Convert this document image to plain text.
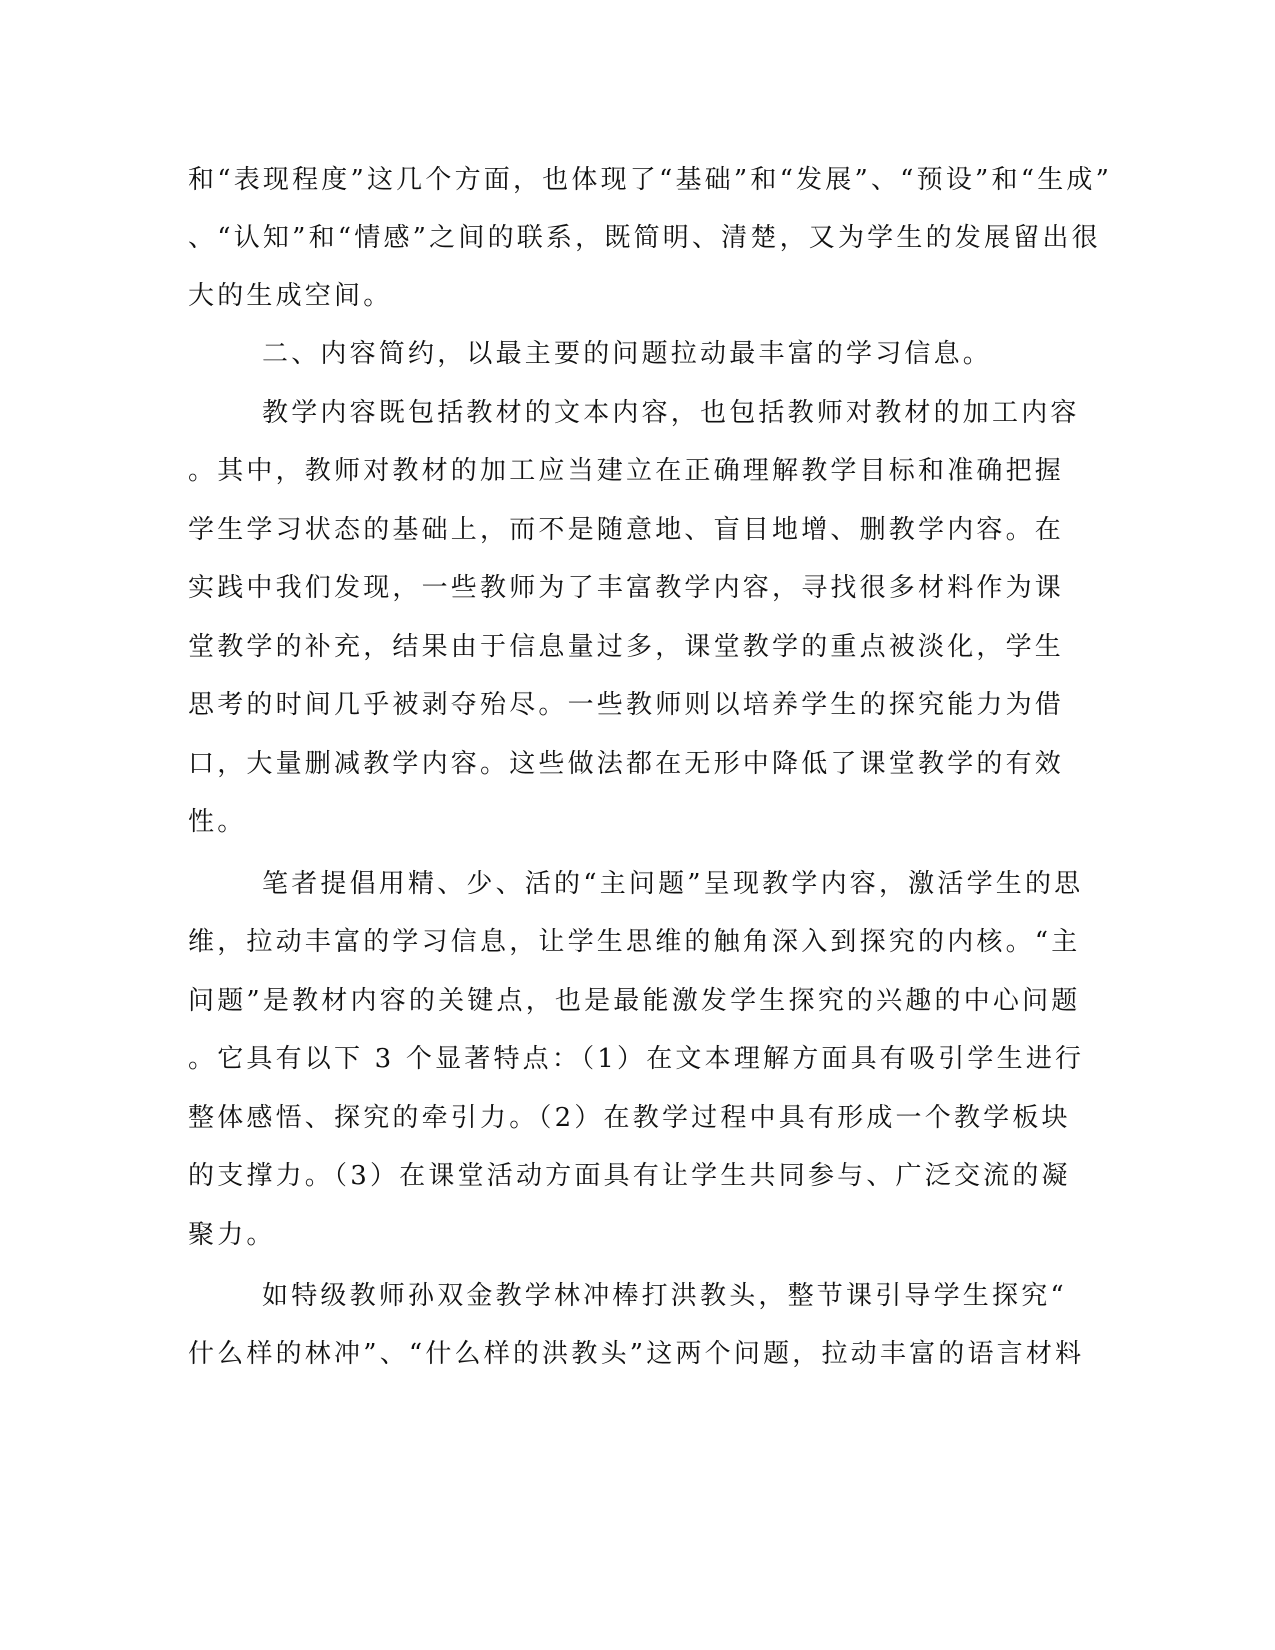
和“表现程度”这几个方面，也体现了“基础”和“发展”、“预设”和“生成”
、“认知”和“情感”之间的联系，既简明、清楚，又为学生的发展留出很
大的生成空间。
二、内容简约，以最主要的问题拉动最丰富的学习信息。
教学内容既包括教材的文本内容，也包括教师对教材的加工内容
。其中，教师对教材的加工应当建立在正确理解教学目标和准确把握
学生学习状态的基础上，而不是随意地、盲目地增、删教学内容。在
实践中我们发现，一些教师为了丰富教学内容，寻找很多材料作为课
堂教学的补充，结果由于信息量过多，课堂教学的重点被淡化，学生
思考的时间几乎被剥夺殆尽。一些教师则以培养学生的探究能力为借
口，大量删减教学内容。这些做法都在无形中降低了课堂教学的有效
性。
笔者提倡用精、少、活的“主问题”呈现教学内容，激活学生的思
维，拉动丰富的学习信息，让学生思维的触角深入到探究的内核。“主
问题”是教材内容的关键点，也是最能激发学生探究的兴趣的中心问题
。它具有以下 3 个显著特点：（1）在文本理解方面具有吸引学生进行
整体感悟、探究的牵引力。（2）在教学过程中具有形成一个教学板块
的支撑力。（3）在课堂活动方面具有让学生共同参与、广泛交流的凝
聚力。
如特级教师孙双金教学林冲棒打洪教头，整节课引导学生探究“
什么样的林冲”、“什么样的洪教头”这两个问题，拉动丰富的语言材料
